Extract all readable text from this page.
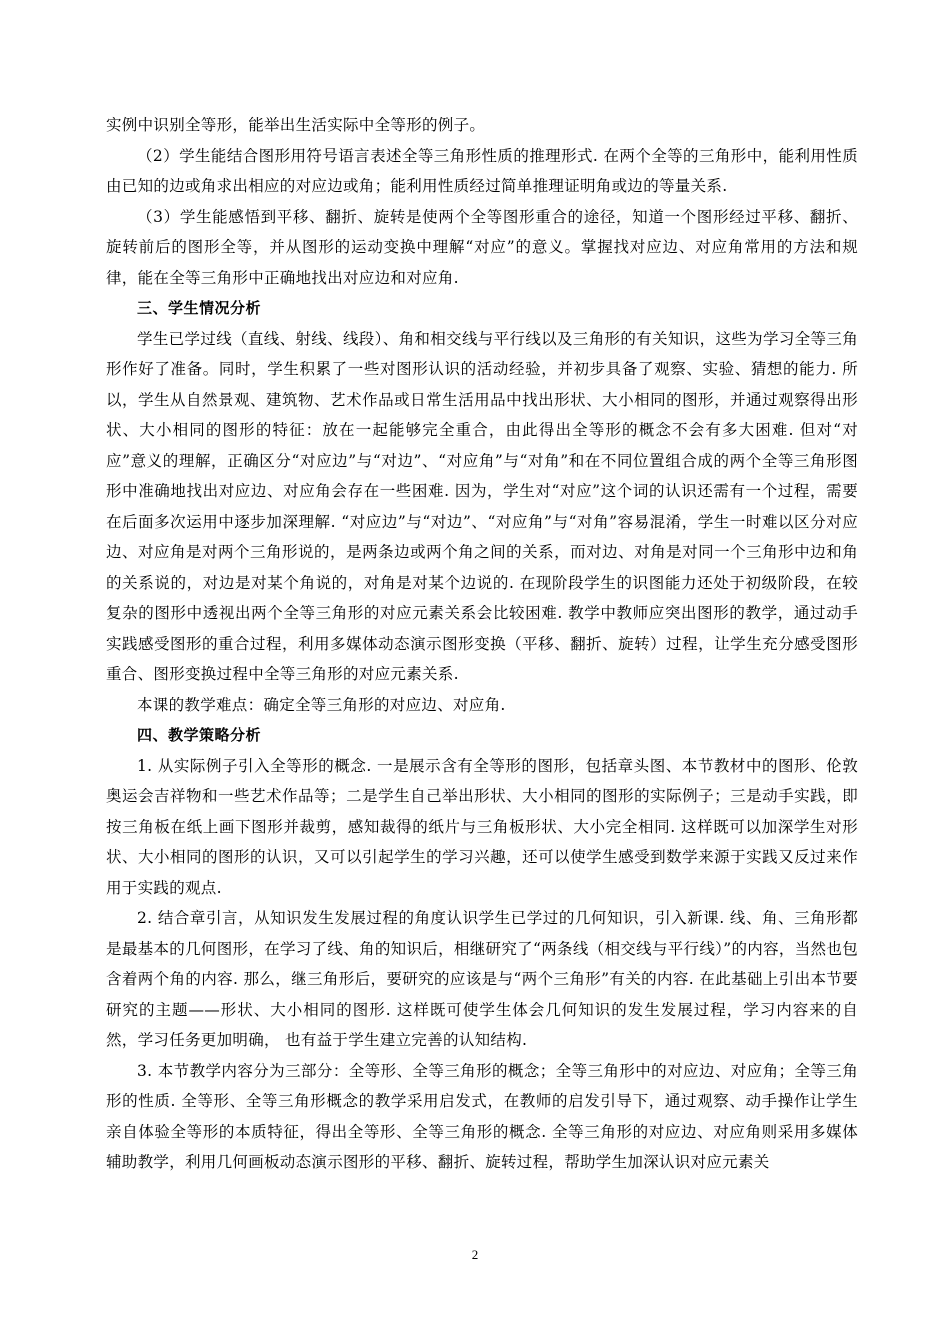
实例中识别全等形，能举出生活实际中全等形的例子。

（2）学生能结合图形用符号语言表述全等三角形性质的推理形式. 在两个全等的三角形中，能利用性质由已知的边或角求出相应的对应边或角；能利用性质经过简单推理证明角或边的等量关系.

（3）学生能感悟到平移、翻折、旋转是使两个全等图形重合的途径，知道一个图形经过平移、翻折、旋转前后的图形全等，并从图形的运动变换中理解“对应”的意义。掌握找对应边、对应角常用的方法和规律，能在全等三角形中正确地找出对应边和对应角.

三、学生情况分析

学生已学过线（直线、射线、线段）、角和相交线与平行线以及三角形的有关知识，这些为学习全等三角形作好了准备。同时，学生积累了一些对图形认识的活动经验，并初步具备了观察、实验、猜想的能力. 所以，学生从自然景观、建筑物、艺术作品或日常生活用品中找出形状、大小相同的图形，并通过观察得出形状、大小相同的图形的特征：放在一起能够完全重合，由此得出全等形的概念不会有多大困难. 但对“对应”意义的理解，正确区分“对应边”与“对边”、“对应角”与“对角”和在不同位置组合成的两个全等三角形图形中准确地找出对应边、对应角会存在一些困难. 因为，学生对“对应”这个词的认识还需有一个过程，需要在后面多次运用中逐步加深理解. “对应边”与“对边”、“对应角”与“对角”容易混淆，学生一时难以区分对应边、对应角是对两个三角形说的，是两条边或两个角之间的关系，而对边、对角是对同一个三角形中边和角的关系说的，对边是对某个角说的，对角是对某个边说的. 在现阶段学生的识图能力还处于初级阶段，在较复杂的图形中透视出两个全等三角形的对应元素关系会比较困难. 教学中教师应突出图形的教学，通过动手实践感受图形的重合过程，利用多媒体动态演示图形变换（平移、翻折、旋转）过程，让学生充分感受图形重合、图形变换过程中全等三角形的对应元素关系.

本课的教学难点：确定全等三角形的对应边、对应角.

四、教学策略分析

1. 从实际例子引入全等形的概念. 一是展示含有全等形的图形，包括章头图、本节教材中的图形、伦敦奥运会吉祥物和一些艺术作品等；二是学生自己举出形状、大小相同的图形的实际例子；三是动手实践，即按三角板在纸上画下图形并裁剪，感知裁得的纸片与三角板形状、大小完全相同. 这样既可以加深学生对形状、大小相同的图形的认识，又可以引起学生的学习兴趣，还可以使学生感受到数学来源于实践又反过来作用于实践的观点.

2. 结合章引言，从知识发生发展过程的角度认识学生已学过的几何知识，引入新课. 线、角、三角形都是最基本的几何图形，在学习了线、角的知识后，相继研究了“两条线（相交线与平行线）”的内容，当然也包含着两个角的内容. 那么，继三角形后，要研究的应该是与“两个三角形”有关的内容. 在此基础上引出本节要研究的主题——形状、大小相同的图形. 这样既可使学生体会几何知识的发生发展过程，学习内容来的自然，学习任务更加明确， 也有益于学生建立完善的认知结构.

3. 本节教学内容分为三部分：全等形、全等三角形的概念；全等三角形中的对应边、对应角；全等三角形的性质. 全等形、全等三角形概念的教学采用启发式，在教师的启发引导下，通过观察、动手操作让学生亲自体验全等形的本质特征，得出全等形、全等三角形的概念. 全等三角形的对应边、对应角则采用多媒体辅助教学，利用几何画板动态演示图形的平移、翻折、旋转过程，帮助学生加深认识对应元素关

2
